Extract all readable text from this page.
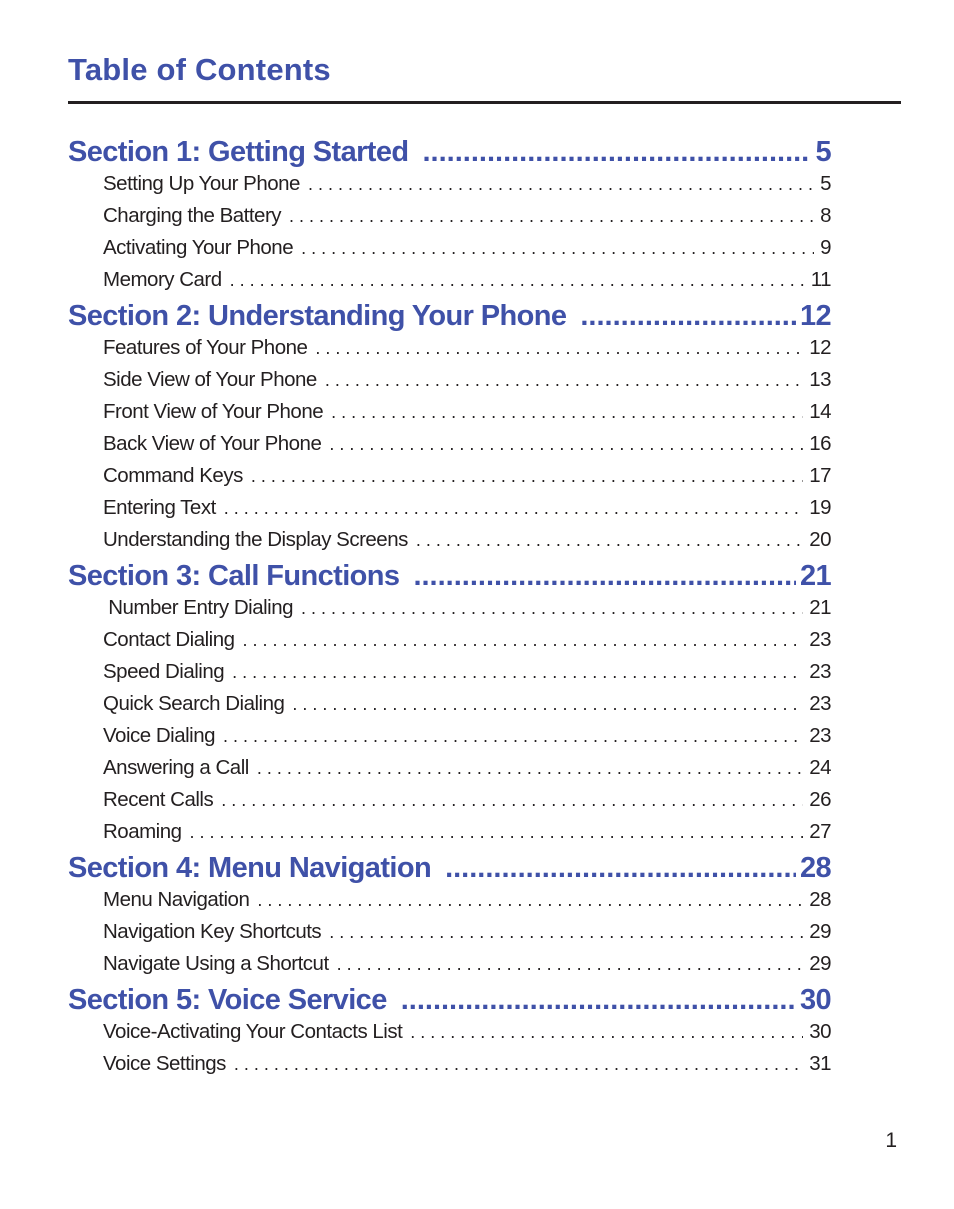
Table of Contents
Section 1: Getting Started .....	5
Setting Up Your Phone .....	5
Charging the Battery .....	8
Activating Your Phone .....	9
Memory Card .....	11
Section 2: Understanding Your Phone .....	12
Features of Your Phone .....	12
Side View of Your Phone .....	13
Front View of Your Phone .....	14
Back View of Your Phone .....	16
Command Keys .....	17
Entering Text .....	19
Understanding the Display Screens .....	20
Section 3: Call Functions .....	21
Number Entry Dialing .....	21
Contact Dialing .....	23
Speed Dialing .....	23
Quick Search Dialing .....	23
Voice Dialing .....	23
Answering a Call .....	24
Recent Calls .....	26
Roaming .....	27
Section 4: Menu Navigation .....	28
Menu Navigation .....	28
Navigation Key Shortcuts .....	29
Navigate Using a Shortcut .....	29
Section 5: Voice Service .....	30
Voice-Activating Your Contacts List .....	30
Voice Settings .....	31
1
